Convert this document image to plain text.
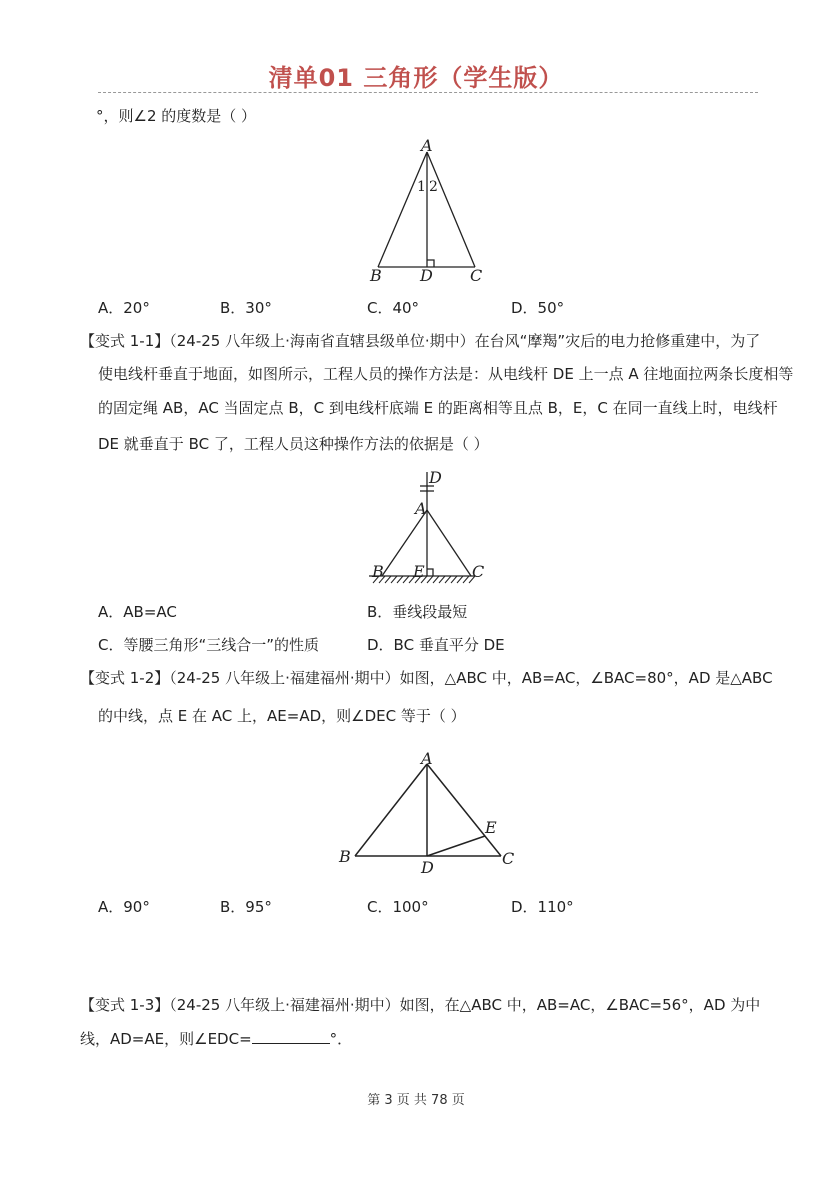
清单01 三角形（学生版）
°，则∠2 的度数是（ ）
A
B	C
D
1 2
A．20°	B．30°	C．40°	D．50°
【变式 1-1】（24-25 八年级上·海南省直辖县级单位·期中）在台风“摩羯”灾后的电力抢修重建中，为了
使电线杆垂直于地面，如图所示，工程人员的操作方法是：从电线杆 DE 上一点 A 往地面拉两条长度相等
的固定绳 AB，AC 当固定点 B，C 到电线杆底端 E 的距离相等且点 B，E，C 在同一直线上时，电线杆
DE 就垂直于 BC 了，工程人员这种操作方法的依据是（ ）
D
A
B E	C
A．AB=AC	B．垂线段最短
C．等腰三角形“三线合一”的性质	D．BC 垂直平分 DE
【变式 1-2】（24-25 八年级上·福建福州·期中）如图，△ABC 中，AB=AC，∠BAC=80°，AD 是△ABC
的中线，点 E 在 AC 上，AE=AD，则∠DEC 等于（ ）
A
B	C
D
E
A．90°	B．95°	C．100°	D．110°
【变式 1-3】（24-25 八年级上·福建福州·期中）如图，在△ABC 中，AB=AC，∠BAC=56°，AD 为中
线，AD=AE，则∠EDC=	°．
第 3 页 共 78 页
